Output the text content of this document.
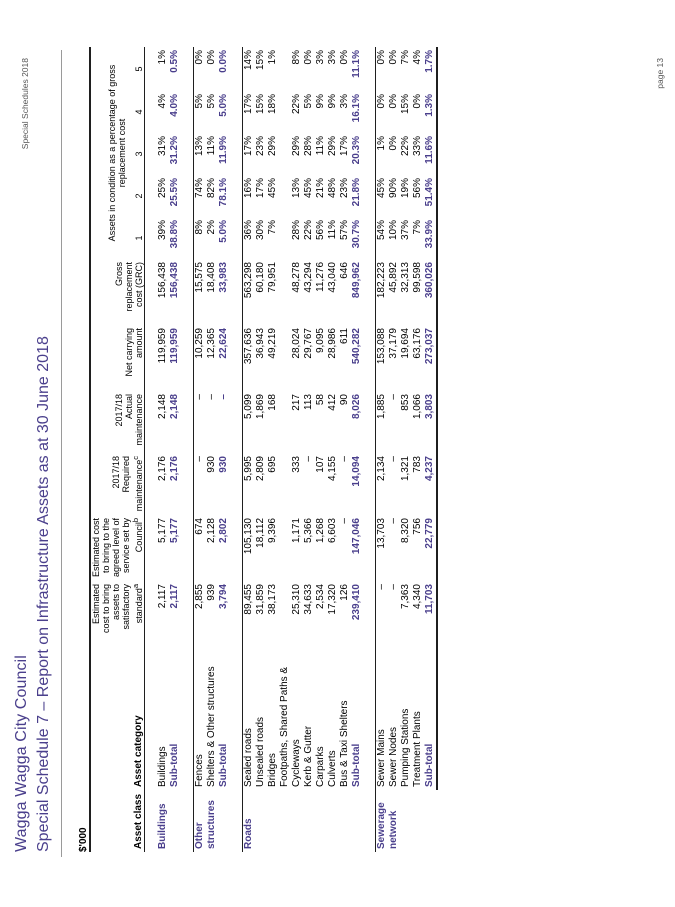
Wagga Wagga City Council
Special Schedules 2018
Special Schedule 7 – Report on Infrastructure Assets as at 30 June 2018	$'000	Asset class	Asset category	Estimated cost to bring assets to satisfactory standard$^a$	Estimated cost to bring to the agreed level of service set by Council$^b$	2017/18 Required maintenance$^c$	2017/18 Actual maintenance	Net carrying amount	Gross replacement cost (GRC)	Assets in condition as a percentage of gross replacement cost				
								1	2	3	4	5

Buildings	Buildings	2,117	5,177	2,176	2,148	119,959	156,438	39%	25%	31%	4%	1%
	Sub-total	2,117	5,177	2,176	2,148	119,959	156,438	38.8%	25.5%	31.2%	4.0%	0.5%

Other structures	Fences	2,855	674	–	–	10,259	15,575	8%	74%	13%	5%	0%
	Shelters & Other structures	939	2,128	930	–	12,365	18,408	2%	82%	11%	5%	0%
	Sub-total	3,794	2,802	930	–	22,624	33,983	5.0%	78.1%	11.9%	5.0%	0.0%

Roads	Sealed roads	89,455	105,130	5,995	5,099	357,636	563,298	36%	16%	17%	17%	14%
	Unsealed roads	31,859	18,112	2,809	1,869	36,943	60,180	30%	17%	23%	15%	15%
	Bridges	38,173	9,396	695	168	49,219	79,951	7%	45%	29%	18%	1%
	Footpaths, Shared Paths &											
	Cycleways	25,310	1,171	333	217	28,024	48,278	28%	13%	29%	22%	8%
	Kerb & Gutter	34,633	5,366	–	113	29,767	43,294	22%	45%	28%	5%	0%
	Carparks	2,534	1,268	107	58	9,095	11,276	56%	21%	11%	9%	3%
	Culverts	17,320	6,603	4,155	412	28,986	43,040	11%	48%	29%	9%	3%
	Bus & Taxi Shelters	126	–	–	90	611	646	57%	23%	17%	3%	0%
	Sub-total	239,410	147,046	14,094	8,026	540,282	849,962	30.7%	21.8%	20.3%	16.1%	11.1%

Sewerage network	Sewer Mains	–	13,703	2,134	1,885	153,088	182,223	54%	45%	1%	0%	0%
	Sewer Nodes	–	–	–	–	37,179	45,892	10%	90%	0%	0%	0%
	Pumping Stations	7,363	8,320	1,321	853	19,694	32,313	37%	19%	22%	15%	7%
	Treatment Plants	4,340	756	783	1,066	63,176	99,598	7%	56%	33%	0%	4%
	Sub-total	11,703	22,779	4,237	3,803	273,037	360,026	33.9%	51.4%	11.6%	1.3%	1.7%	page 13
